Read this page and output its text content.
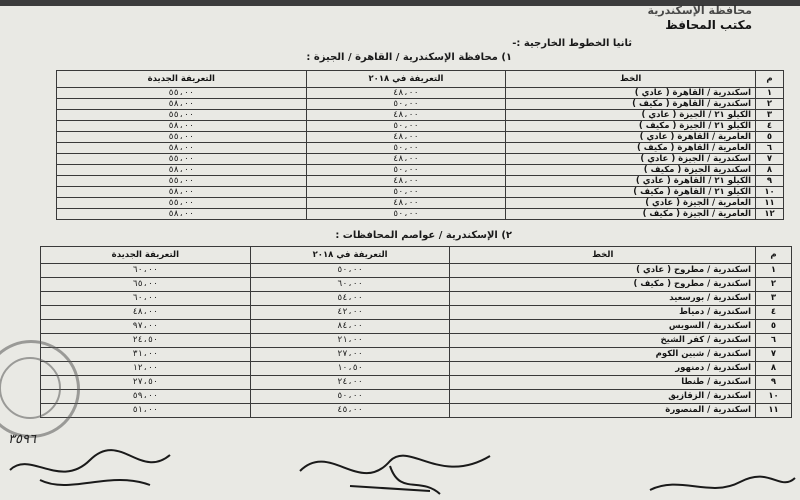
محافظة الإسكندرية
مكتب المحافظ
ثانيا الخطوط الخارجية :-
١) محافظة الإسكندرية / القاهرة / الجيزة :
م	الخط	التعريفة في ٢٠١٨	التعريفة الجديدة
١	اسكندرية / القاهرة ( عادي )	٤٨،٠٠	٥٥،٠٠
٢	اسكندرية / القاهرة ( مكيف )	٥٠،٠٠	٥٨،٠٠
٣	الكيلو ٢١ / الجيزة ( عادي )	٤٨،٠٠	٥٥،٠٠
٤	الكيلو ٢١ / الجيزة ( مكيف )	٥٠،٠٠	٥٨،٠٠
٥	العامرية / القاهرة ( عادي )	٤٨،٠٠	٥٥،٠٠
٦	العامرية / القاهرة ( مكيف )	٥٠،٠٠	٥٨،٠٠
٧	اسكندرية / الجيزة ( عادي )	٤٨،٠٠	٥٥،٠٠
٨	اسكندرية الجيزة ( مكيف )	٥٠،٠٠	٥٨،٠٠
٩	الكيلو ٢١ / القاهرة ( عادي )	٤٨،٠٠	٥٥،٠٠
١٠	الكيلو ٢١ / القاهرة ( مكيف )	٥٠،٠٠	٥٨،٠٠
١١	العامرية / الجيزة ( عادي )	٤٨،٠٠	٥٥،٠٠
١٢	العامرية / الجيزة ( مكيف )	٥٠،٠٠	٥٨،٠٠
٢) الإسكندرية / عواصم المحافظات :
م	الخط	التعريفة في ٢٠١٨	التعريفة الجديدة
١	اسكندرية / مطروح ( عادي )	٥٠،٠٠	٦٠،٠٠
٢	اسكندرية / مطروح ( مكيف )	٦٠،٠٠	٦٥،٠٠
٣	اسكندرية / بورسعيد	٥٤،٠٠	٦٠،٠٠
٤	اسكندرية / دمياط	٤٢،٠٠	٤٨،٠٠
٥	اسكندرية / السويس	٨٤،٠٠	٩٧،٠٠
٦	اسكندرية / كفر الشيخ	٢١،٠٠	٢٤،٥٠
٧	اسكندرية / شبين الكوم	٢٧،٠٠	٣١،٠٠
٨	اسكندرية / دمنهور	١٠،٥٠	١٢،٠٠
٩	اسكندرية / طنطا	٢٤،٠٠	٢٧،٥٠
١٠	اسكندرية / الزقازيق	٥٠،٠٠	٥٩،٠٠
١١	اسكندرية / المنصورة	٤٥،٠٠	٥١،٠٠
٣٥٩٦
